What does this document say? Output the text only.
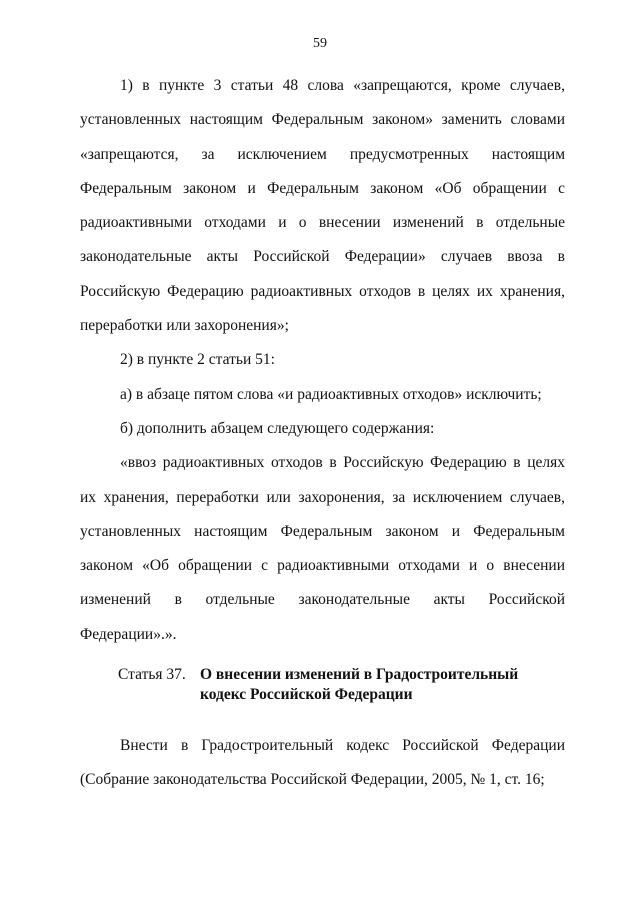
59

1) в пункте 3 статьи 48 слова «запрещаются, кроме случаев, установленных настоящим Федеральным законом» заменить словами «запрещаются, за исключением предусмотренных настоящим Федеральным законом и Федеральным законом «Об обращении с радиоактивными отходами и о внесении изменений в отдельные законодательные акты Российской Федерации» случаев ввоза в Российскую Федерацию радиоактивных отходов в целях их хранения, переработки или захоронения»;

2) в пункте 2 статьи 51:

а) в абзаце пятом слова «и радиоактивных отходов» исключить;

б) дополнить абзацем следующего содержания:

«ввоз радиоактивных отходов в Российскую Федерацию в целях их хранения, переработки или захоронения, за исключением случаев, установленных настоящим Федеральным законом и Федеральным законом «Об обращении с радиоактивными отходами и о внесении изменений в отдельные законодательные акты Российской Федерации».».

Статья 37. О внесении изменений в Градостроительный кодекс Российской Федерации

Внести в Градостроительный кодекс Российской Федерации (Собрание законодательства Российской Федерации, 2005, № 1, ст. 16;
